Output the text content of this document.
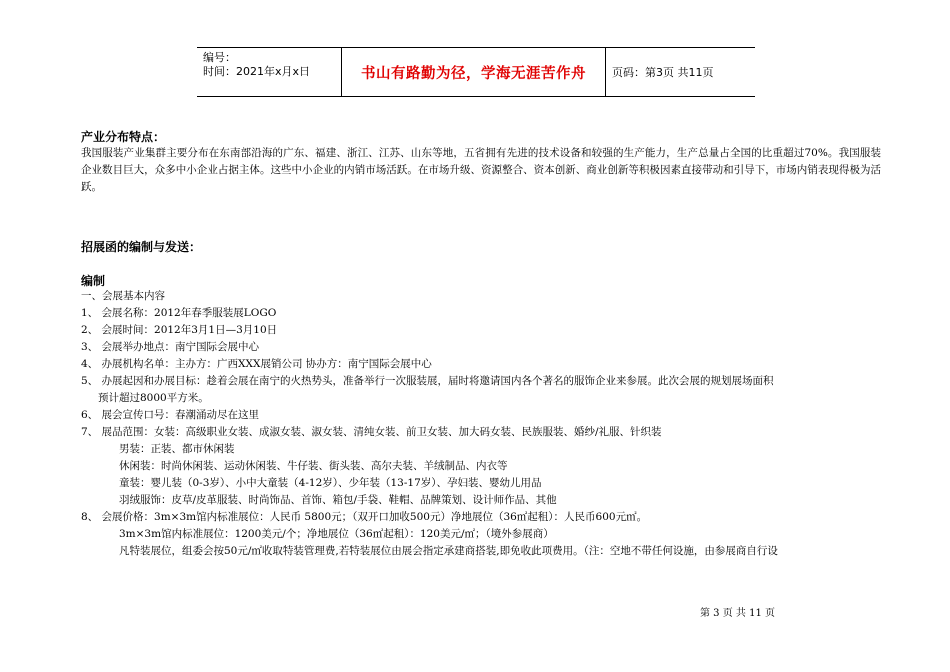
编号：
时间：2021年x月x日	书山有路勤为径，学海无涯苦作舟	页码：第3页 共11页
产业分布特点：
我国服装产业集群主要分布在东南部沿海的广东、福建、浙江、江苏、山东等地，五省拥有先进的技术设备和较强的生产能力，生产总量占全国的比重超过70%。我国服装企业数目巨大，众多中小企业占据主体。这些中小企业的内销市场活跃。在市场升级、资源整合、资本创新、商业创新等积极因素直接带动和引导下，市场内销表现得极为活跃。
招展函的编制与发送：
编制
一、会展基本内容
1、 会展名称：2012年春季服装展LOGO
2、 会展时间：2012年3月1日—3月10日
3、 会展举办地点：南宁国际会展中心
4、 办展机构名单：主办方：广西XXX展销公司 协办方：南宁国际会展中心
5、 办展起因和办展目标：趁着会展在南宁的火热势头，准备举行一次服装展，届时将邀请国内各个著名的服饰企业来参展。此次会展的规划展场面积
预计超过8000平方米。
6、 展会宣传口号：春潮涌动尽在这里
7、 展品范围：女装：高级职业女装、成淑女装、淑女装、清纯女装、前卫女装、加大码女装、民族服装、婚纱/礼服、针织装
男装：正装、都市休闲装
休闲装：时尚休闲装、运动休闲装、牛仔装、街头装、高尔夫装、羊绒制品、内衣等
童装：婴儿装（0-3岁）、小中大童装（4-12岁）、少年装（13-17岁）、孕妇装、婴幼儿用品
羽绒服饰：皮草/皮革服装、时尚饰品、首饰、箱包/手袋、鞋帽、品牌策划、设计师作品、其他
8、 会展价格：3m×3m馆内标准展位：人民币 5800元；（双开口加收500元）净地展位（36㎡起租）：人民币600元㎡。
3m×3m馆内标准展位：1200美元/个；净地展位（36㎡起租）：120美元/㎡；（境外参展商）
凡特装展位，组委会按50元/㎡收取特装管理费,若特装展位由展会指定承建商搭装,即免收此项费用。（注：空地不带任何设施，由参展商自行设
第 3 页 共 11 页
